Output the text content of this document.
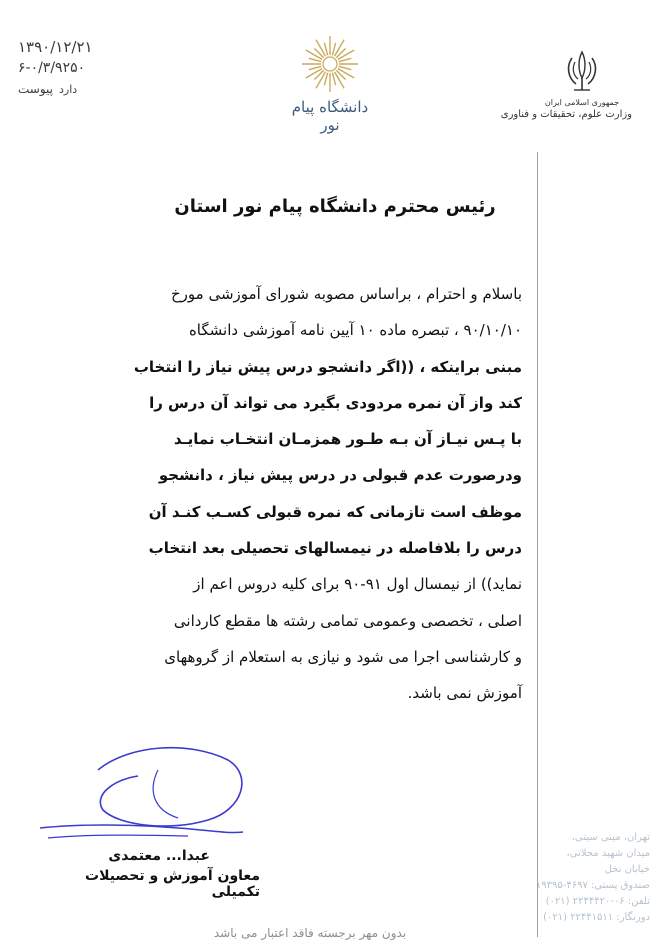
۱۳۹۰/۱۲/۲۱
۶-۰/۳/۹۲۵۰
پیوست دارد
دانشگاه پیام نور
جمهوری اسلامی ایران
وزارت علوم، تحقیقات و فناوری
رئیس محترم دانشگاه پیام نور استان
باسلام و احترام ، براساس مصوبه شورای آموزشی مورخ
۹۰/۱۰/۱۰ ، تبصره ماده ۱۰ آیین نامه آموزشی دانشگاه
مبنی براینکه ، ((اگر دانشجو درس پیش نیاز را انتخاب
کند واز آن نمره مردودی بگیرد می تواند آن درس را
با پـس نیـاز آن بـه طـور همزمـان انتخـاب نمایـد
ودرصورت عدم قبولی در درس پیش نیاز ، دانشجو
موظف است تازمانی که نمره قبولی کسـب کنـد آن
درس را بلافاصله در نیمسالهای تحصیلی بعد انتخاب
نماید)) از نیمسال اول ۹۱-۹۰ برای کلیه دروس اعم از
اصلی ، تخصصی وعمومی تمامی رشته ها مقطع کاردانی
و کارشناسی اجرا می شود و نیازی به استعلام از گروههای
آموزش نمی باشد.
عبدا... معتمدی
معاون آموزش و تحصیلات تکمیلی
تهران، مینی سیتی،
میدان شهید محلاتی،
خیابان نخل
صندوق پستی: ۴۶۹۷-۱۹۳۹۵
تلفن: ۰۶-۲۲۴۴۴۲۰ (۰۲۱)
دورنگار: ۲۲۴۴۱۵۱۱ (۰۲۱)
بدون مهر برجسته فاقد اعتبار می باشد
